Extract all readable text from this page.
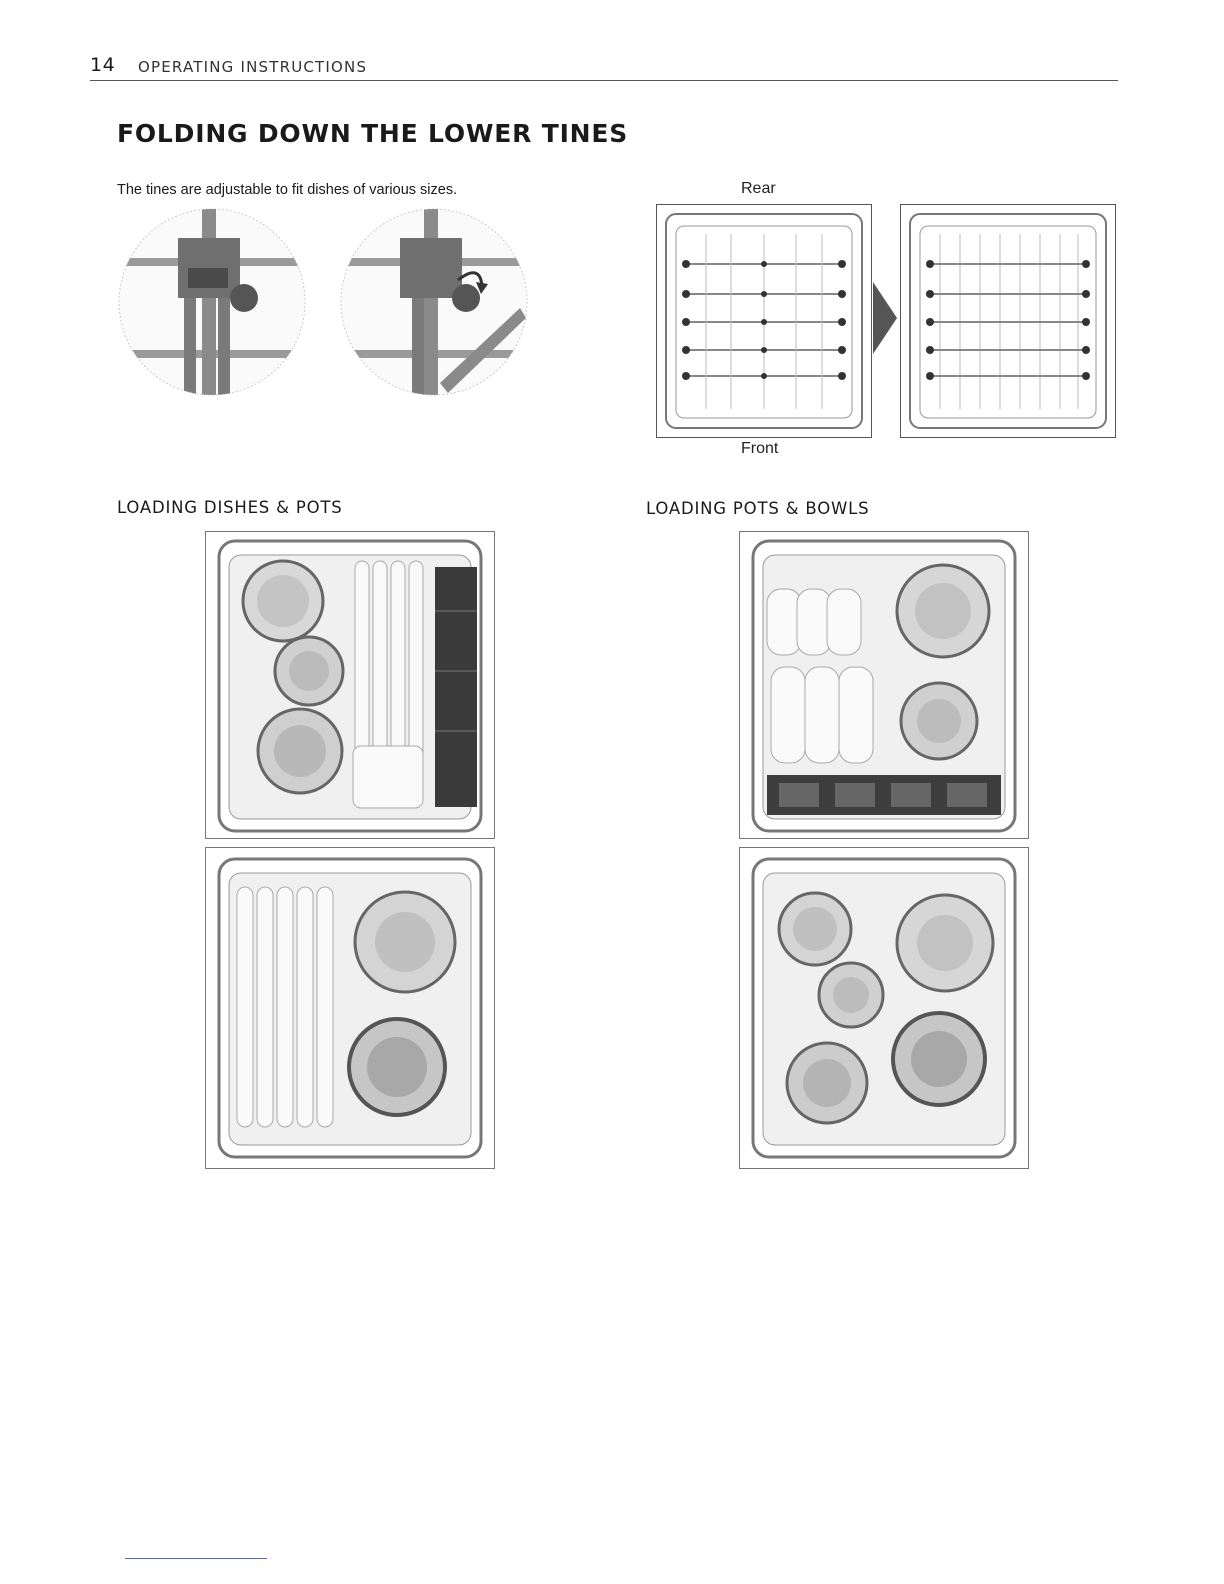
14 OPERATING INSTRUCTIONS
FOLDING DOWN THE LOWER TINES

The tines are adjustable to fit dishes of various sizes.	Rear
Front
LOADING DISHES & POTS	LOADING POTS & BOWLS
